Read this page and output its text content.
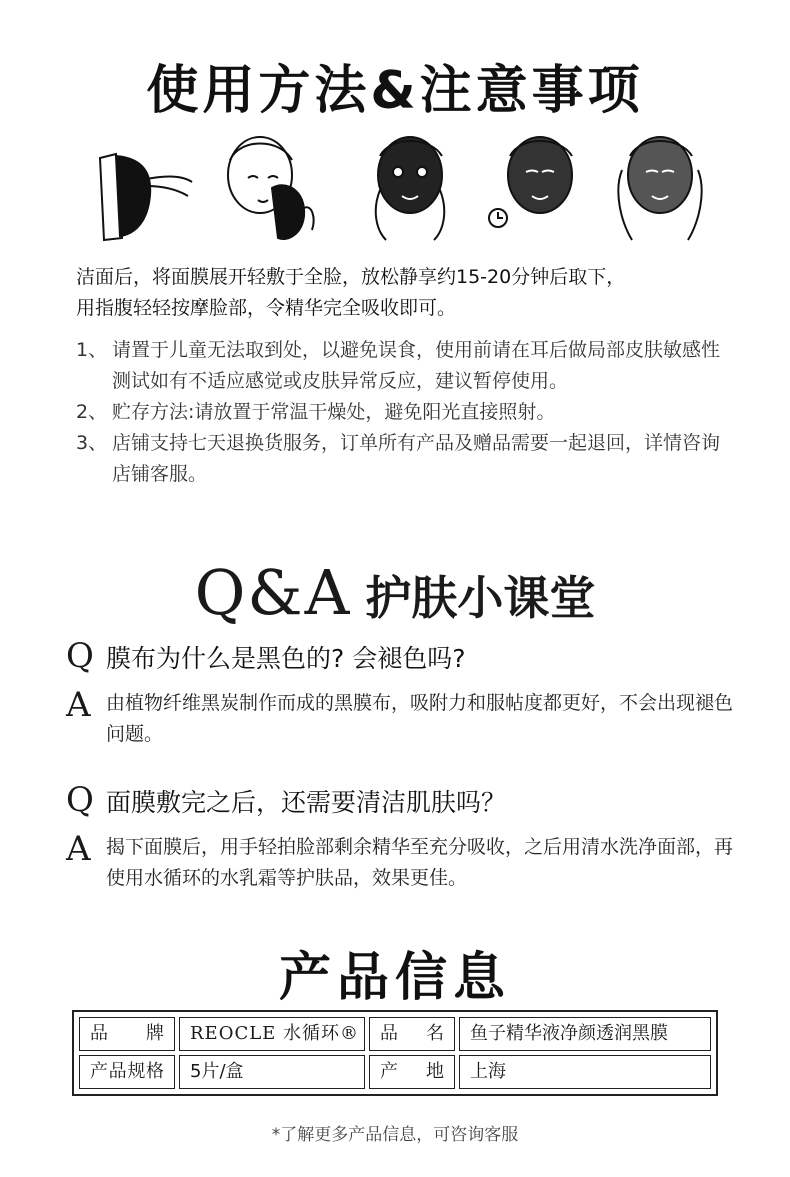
使用方法&注意事项
洁面后，将面膜展开轻敷于全脸，放松静享约15-20分钟后取下，
用指腹轻轻按摩脸部，令精华完全吸收即可。
1、 请置于儿童无法取到处，以避免误食，使用前请在耳后做局部皮肤敏感性测试如有不适应感觉或皮肤异常反应，建议暂停使用。
2、 贮存方法:请放置于常温干燥处，避免阳光直接照射。
3、 店铺支持七天退换货服务，订单所有产品及赠品需要一起退回，详情咨询店铺客服。
Q&A 护肤小课堂
Q 膜布为什么是黑色的? 会褪色吗?
A 由植物纤维黑炭制作而成的黑膜布，吸附力和服帖度都更好，不会出现褪色问题。
Q 面膜敷完之后，还需要清洁肌肤吗？
A 揭下面膜后，用手轻拍脸部剩余精华至充分吸收，之后用清水洗净面部，再使用水循环的水乳霜等护肤品，效果更佳。
产品信息
品牌	REOCLE 水循环®	品名	鱼子精华液净颜透润黑膜
产品规格	5片/盒	产地	上海
*了解更多产品信息，可咨询客服
